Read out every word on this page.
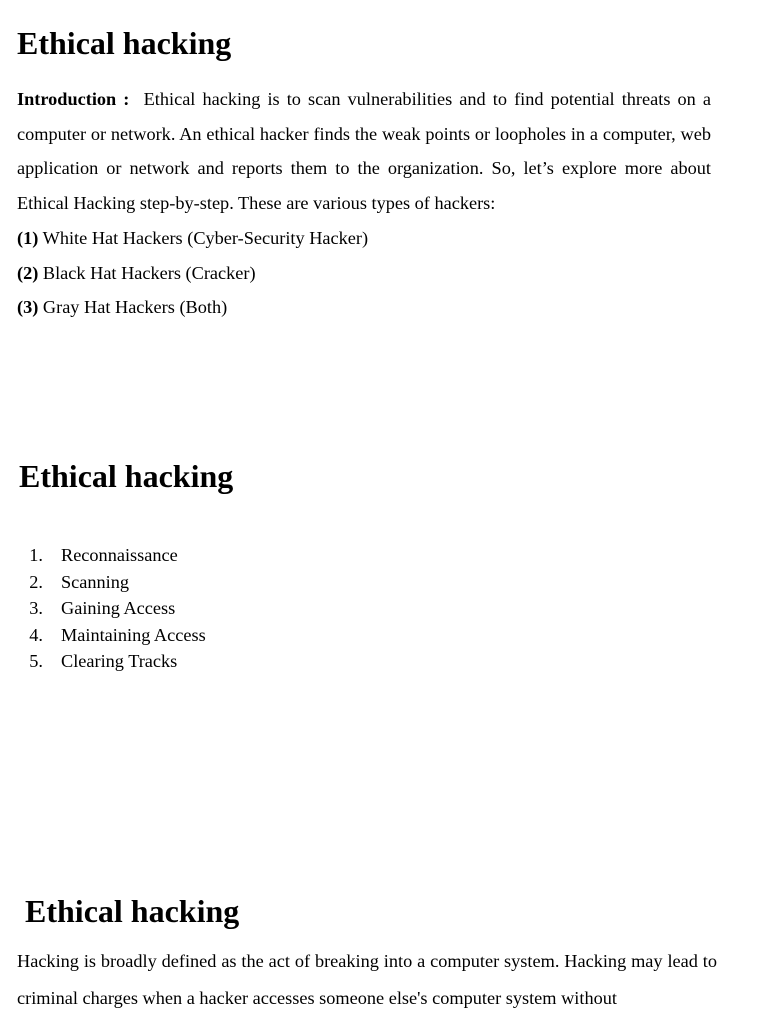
Ethical hacking

Introduction : Ethical hacking is to scan vulnerabilities and to find potential threats on a computer or network. An ethical hacker finds the weak points or loopholes in a computer, web application or network and reports them to the organization. So, let’s explore more about Ethical Hacking step-by-step. These are various types of hackers:

(1) White Hat Hackers (Cyber-Security Hacker)
(2) Black Hat Hackers (Cracker)
(3) Gray Hat Hackers (Both)
Ethical hacking
1. Reconnaissance
2. Scanning
3. Gaining Access
4. Maintaining Access
5. Clearing Tracks
Ethical hacking

Hacking is broadly defined as the act of breaking into a computer system. Hacking may lead to criminal charges when a hacker accesses someone else's computer system without
